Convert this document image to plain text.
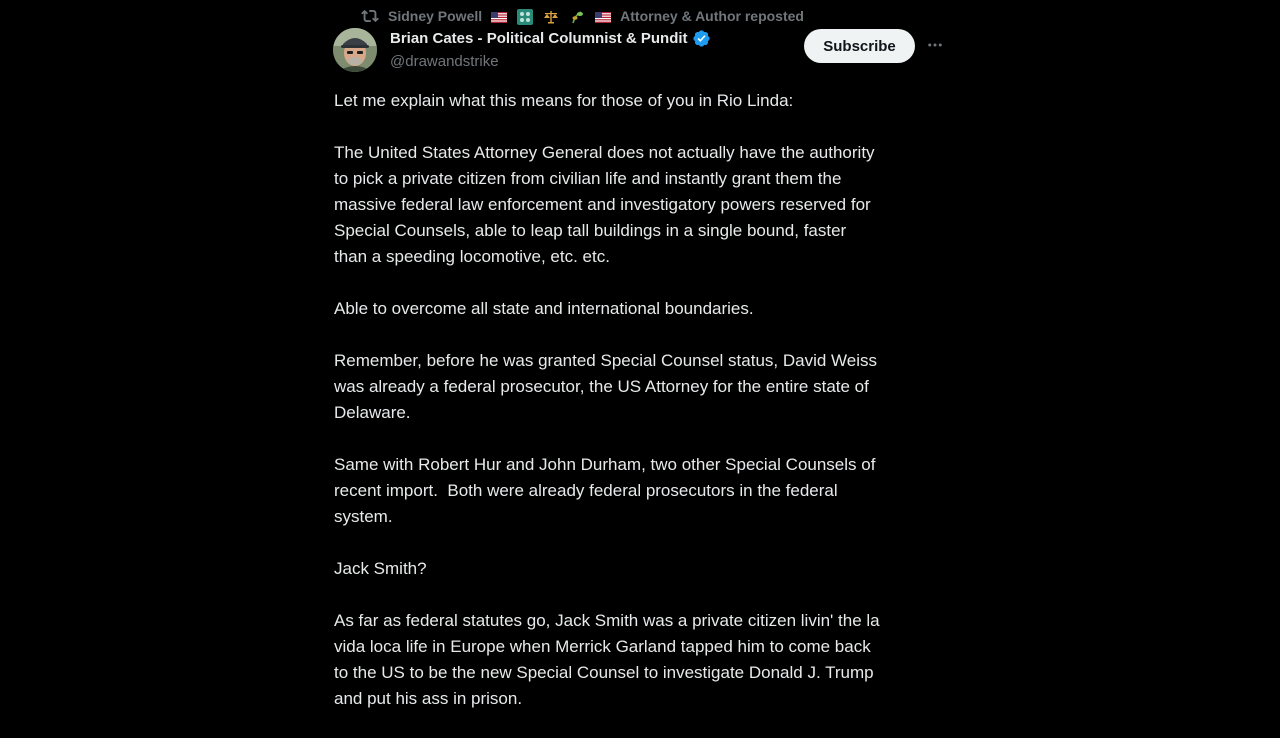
Sidney Powell	Attorney & Author reposted
Brian Cates - Political Columnist & Pundit
@drawandstrike
Subscribe

Let me explain what this means for those of you in Rio Linda:

The United States Attorney General does not actually have the authority
to pick a private citizen from civilian life and instantly grant them the
massive federal law enforcement and investigatory powers reserved for
Special Counsels, able to leap tall buildings in a single bound, faster
than a speeding locomotive, etc. etc.

Able to overcome all state and international boundaries.

Remember, before he was granted Special Counsel status, David Weiss
was already a federal prosecutor, the US Attorney for the entire state of
Delaware.

Same with Robert Hur and John Durham, two other Special Counsels of
recent import.  Both were already federal prosecutors in the federal
system.

Jack Smith?

As far as federal statutes go, Jack Smith was a private citizen livin' the la
vida loca life in Europe when Merrick Garland tapped him to come back
to the US to be the new Special Counsel to investigate Donald J. Trump
and put his ass in prison.
